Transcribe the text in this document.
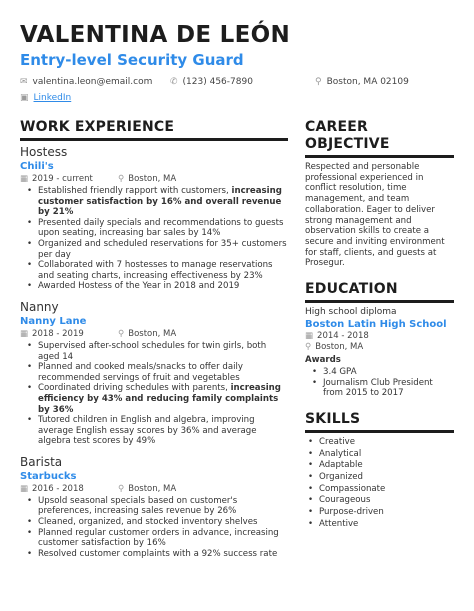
VALENTINA DE LEÓN
Entry-level Security Guard
✉ valentina.leon@email.com ✆ (123) 456-7890	⚲ Boston, MA 02109
▣ LinkedIn
WORK EXPERIENCE
Hostess
Chili's
▦ 2019 - current	⚲ Boston, MA
• Established friendly rapport with customers, increasing customer satisfaction by 16% and overall revenue by 21%
• Presented daily specials and recommendations to guests upon seating, increasing bar sales by 14%
• Organized and scheduled reservations for 35+ customers per day
• Collaborated with 7 hostesses to manage reservations and seating charts, increasing effectiveness by 23%
• Awarded Hostess of the Year in 2018 and 2019
Nanny
Nanny Lane
▦ 2018 - 2019	⚲ Boston, MA
• Supervised after-school schedules for twin girls, both aged 14
• Planned and cooked meals/snacks to offer daily recommended servings of fruit and vegetables
• Coordinated driving schedules with parents, increasing efficiency by 43% and reducing family complaints by 36%
• Tutored children in English and algebra, improving average English essay scores by 36% and average algebra test scores by 49%
Barista
Starbucks
▦ 2016 - 2018	⚲ Boston, MA
• Upsold seasonal specials based on customer's preferences, increasing sales revenue by 26%
• Cleaned, organized, and stocked inventory shelves
• Planned regular customer orders in advance, increasing customer satisfaction by 16%
• Resolved customer complaints with a 92% success rate
CAREER
OBJECTIVE
Respected and personable professional experienced in conflict resolution, time management, and team collaboration. Eager to deliver strong management and observation skills to create a secure and inviting environment for staff, clients, and guests at Prosegur.
EDUCATION
High school diploma
Boston Latin High School
▦ 2014 - 2018
⚲ Boston, MA
Awards
• 3.4 GPA
• Journalism Club President from 2015 to 2017
SKILLS
• Creative
• Analytical
• Adaptable
• Organized
• Compassionate
• Courageous
• Purpose-driven
• Attentive
